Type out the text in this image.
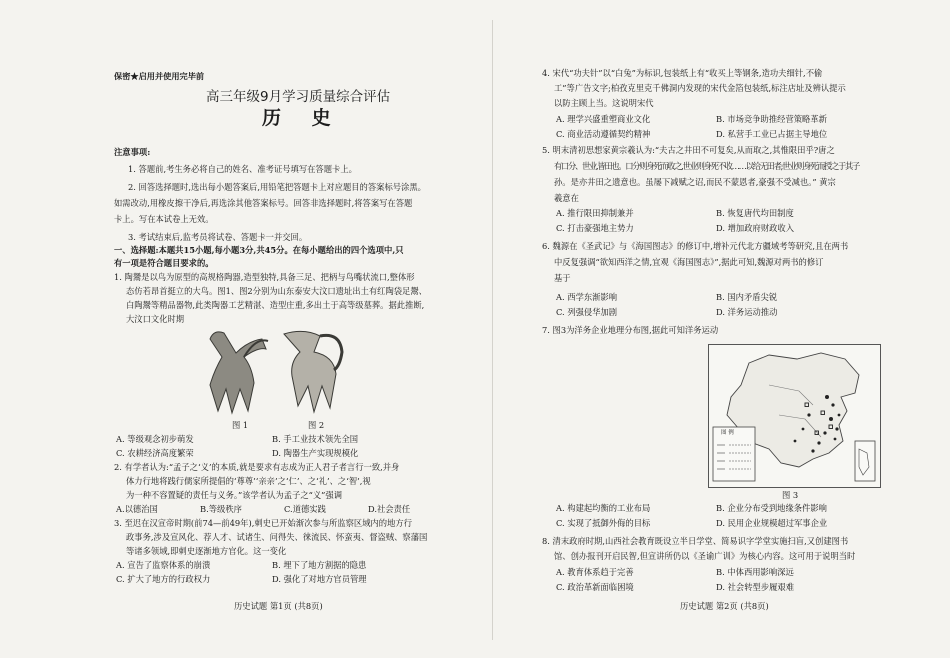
保密★启用并使用完毕前
高三年级9月学习质量综合评估
历 史
注意事项:
1. 答题前,考生务必将自己的姓名、准考证号填写在答题卡上。
2. 回答选择题时,选出每小题答案后,用铅笔把答题卡上对应题目的答案标号涂黑。
如需改动,用橡皮擦干净后,再选涂其他答案标号。回答非选择题时,将答案写在答题
卡上。写在本试卷上无效。
3. 考试结束后,监考员将试卷、答题卡一并交回。
一、选择题:本题共15小题,每小题3分,共45分。在每小题给出的四个选项中,只
有一项是符合题目要求的。
1. 陶鬶是以鸟为原型的高规格陶器,造型独特,具备三足、把柄与鸟嘴状流口,整体形
态仿若昂首挺立的大鸟。图1、图2分别为山东泰安大汶口遗址出土有红陶袋足鬶、
白陶鬶等精品器物,此类陶器工艺精湛、造型庄重,多出土于高等级墓葬。据此推断,
大汶口文化时期
图 1	图 2
A. 等级观念初步萌发	B. 手工业技术领先全国
C. 农耕经济高度繁荣	D. 陶器生产实现规模化
2. 有学者认为:“孟子之‘义’的本质,就是要求有志成为正人君子者言行一致,并身
体力行地将践行儒家所提倡的‘尊尊’‘亲亲’之‘仁’、之‘礼’、之‘智’,视
为一种不容置疑的责任与义务。”该学者认为孟子之“义”强调
A.以德治国	B.等级秩序	C.道德实践	D.社会责任
3. 至迟在汉宣帝时期(前74—前49年),刺史已开始渐次参与所监察区域内的地方行
政事务,涉及宣风化、荐人才、试诸生、问得失、徕流民、怀蛮夷、督盗贼、察藩国
等诸多领域,即刺史逐渐地方官化。这一变化
A. 宣告了监察体系的崩溃	B. 埋下了地方割据的隐患
C. 扩大了地方的行政权力	D. 强化了对地方官员管理
历史试题 第1页 (共8页)
4. 宋代“功夫针”以“白兔”为标识,包装纸上有“收买上等钢条,造功夫细针,不偷
工”等广告文字;柏孜克里克千佛洞内发现的宋代金箔包装纸,标注店址及辨认提示
以防主顾上当。这说明宋代
A. 理学兴盛重塑商业文化	B. 市场竞争助推经营策略革新
C. 商业活动遵循契约精神	D. 私营手工业已占据主导地位
5. 明末清初思想家黄宗羲认为:“夫古之井田不可复矣,从而取之,其惟限田乎?唐之
有口分、世业,皆田也。口分则身死而收之,世业则身死不收……以给无田者;世业则身死而授之于其子
孙。是亦井田之遗意也。虽屡下减赋之诏,而民不蒙恩者,豪强不受减也。” 黄宗
羲意在
A. 推行限田抑制兼并	B. 恢复唐代均田制度
C. 打击豪强地主势力	D. 增加政府财政收入
6. 魏源在《圣武记》与《海国图志》的修订中,增补元代北方疆域考等研究,且在两书
中反复强调“欲知西洋之情,宜观《海国图志》”,据此可知,魏源对两书的修订
基于
A. 西学东渐影响	B. 国内矛盾尖锐
C. 列强侵华加剧	D. 洋务运动推动
7. 图3为洋务企业地理分布图,据此可知洋务运动
图 例
图 3
A. 构建起均衡的工业布局	B. 企业分布受到地缘条件影响
C. 实现了抵御外侮的目标	D. 民用企业规模超过军事企业
8. 清末政府时期,山西社会教育既设立半日学堂、简易识字学堂实施扫盲,又创建图书
馆、创办报刊开启民智,但宣讲所仍以《圣谕广训》为核心内容。这可用于说明当时
A. 教育体系趋于完善	B. 中体西用影响深远
C. 政治革新面临困境	D. 社会转型步履艰难
历史试题 第2页 (共8页)
